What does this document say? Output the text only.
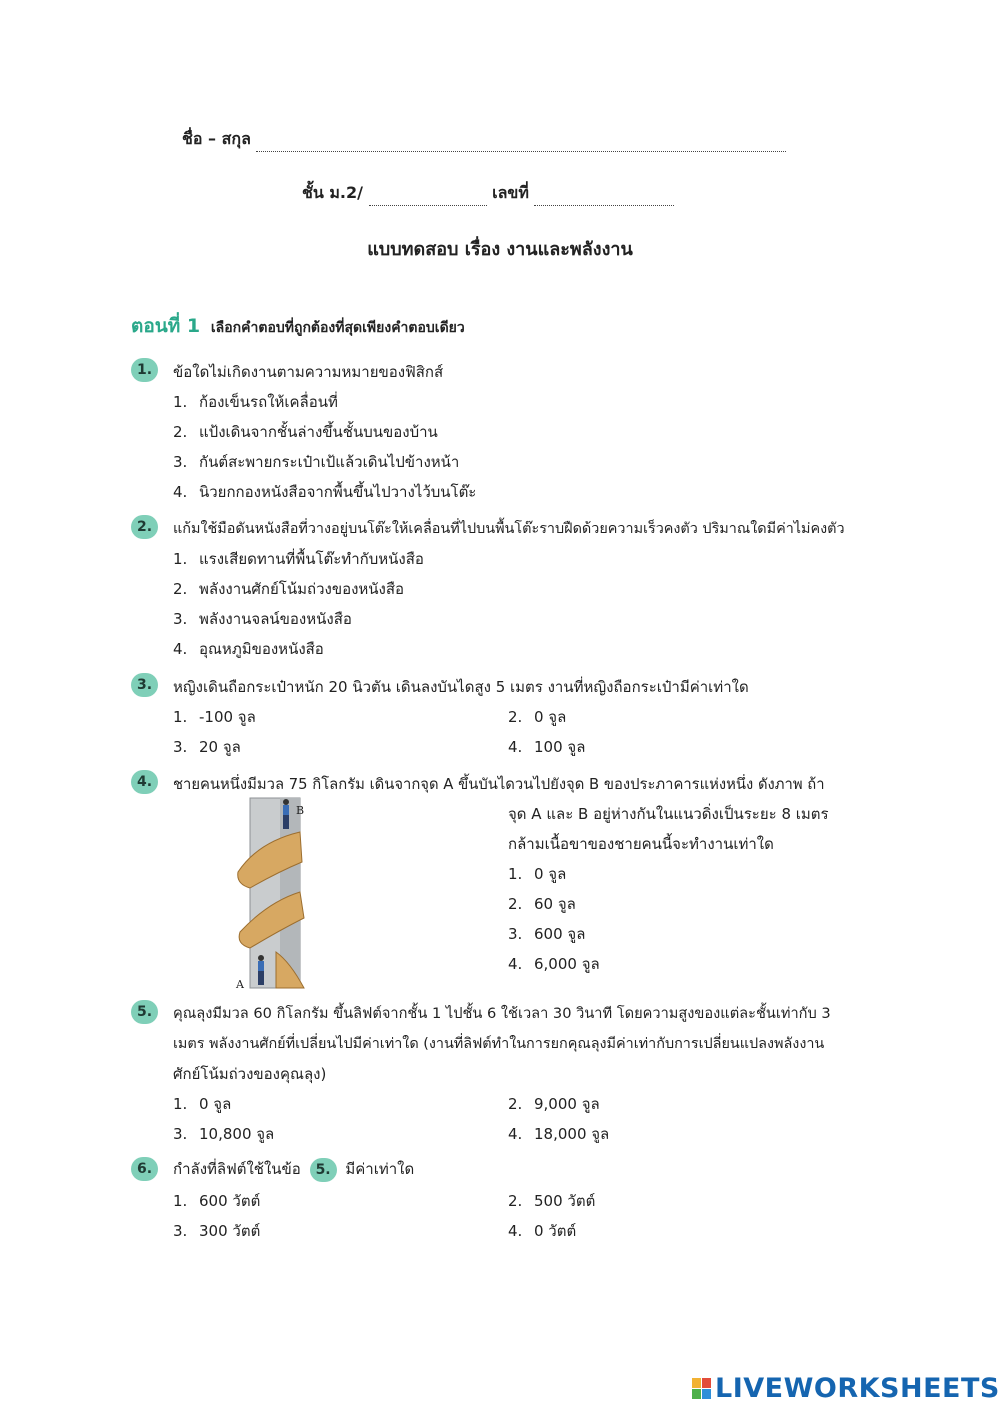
ชื่อ – สกุล
ชั้น ม.2/	เลขที่
แบบทดสอบ เรื่อง งานและพลังงาน
ตอนที่ 1 เลือกคำตอบที่ถูกต้องที่สุดเพียงคำตอบเดียว
1.	ข้อใดไม่เกิดงานตามความหมายของฟิสิกส์
1. ก้องเข็นรถให้เคลื่อนที่
2. แป้งเดินจากชั้นล่างขึ้นชั้นบนของบ้าน
3. กันต์สะพายกระเป๋าเป้แล้วเดินไปข้างหน้า
4. นิวยกกองหนังสือจากพื้นขึ้นไปวางไว้บนโต๊ะ
2.	แก้มใช้มือดันหนังสือที่วางอยู่บนโต๊ะให้เคลื่อนที่ไปบนพื้นโต๊ะราบฝืดด้วยความเร็วคงตัว ปริมาณใดมีค่าไม่คงตัว
1. แรงเสียดทานที่พื้นโต๊ะทำกับหนังสือ
2. พลังงานศักย์โน้มถ่วงของหนังสือ
3. พลังงานจลน์ของหนังสือ
4. อุณหภูมิของหนังสือ
3.	หญิงเดินถือกระเป๋าหนัก 20 นิวตัน เดินลงบันไดสูง 5 เมตร งานที่หญิงถือกระเป๋ามีค่าเท่าใด
1. -100 จูล	2. 0 จูล
3. 20 จูล	4. 100 จูล
4.	ชายคนหนึ่งมีมวล 75 กิโลกรัม เดินจากจุด A ขึ้นบันไดวนไปยังจุด B ของประภาคารแห่งหนึ่ง ดังภาพ ถ้า
จุด A และ B อยู่ห่างกันในแนวดิ่งเป็นระยะ 8 เมตร
กล้ามเนื้อขาของชายคนนี้จะทำงานเท่าใด
B
A
1. 0 จูล
2. 60 จูล
3. 600 จูล
4. 6,000 จูล
5.	คุณลุงมีมวล 60 กิโลกรัม ขึ้นลิฟต์จากชั้น 1 ไปชั้น 6 ใช้เวลา 30 วินาที โดยความสูงของแต่ละชั้นเท่ากับ 3
เมตร พลังงานศักย์ที่เปลี่ยนไปมีค่าเท่าใด (งานที่ลิฟต์ทำในการยกคุณลุงมีค่าเท่ากับการเปลี่ยนแปลงพลังงาน
ศักย์โน้มถ่วงของคุณลุง)
1. 0 จูล	2. 9,000 จูล
3. 10,800 จูล	4. 18,000 จูล
6.	กำลังที่ลิฟต์ใช้ในข้อ 5. มีค่าเท่าใด
1. 600 วัตต์	2. 500 วัตต์
3. 300 วัตต์	4. 0 วัตต์
LIVEWORKSHEETS
